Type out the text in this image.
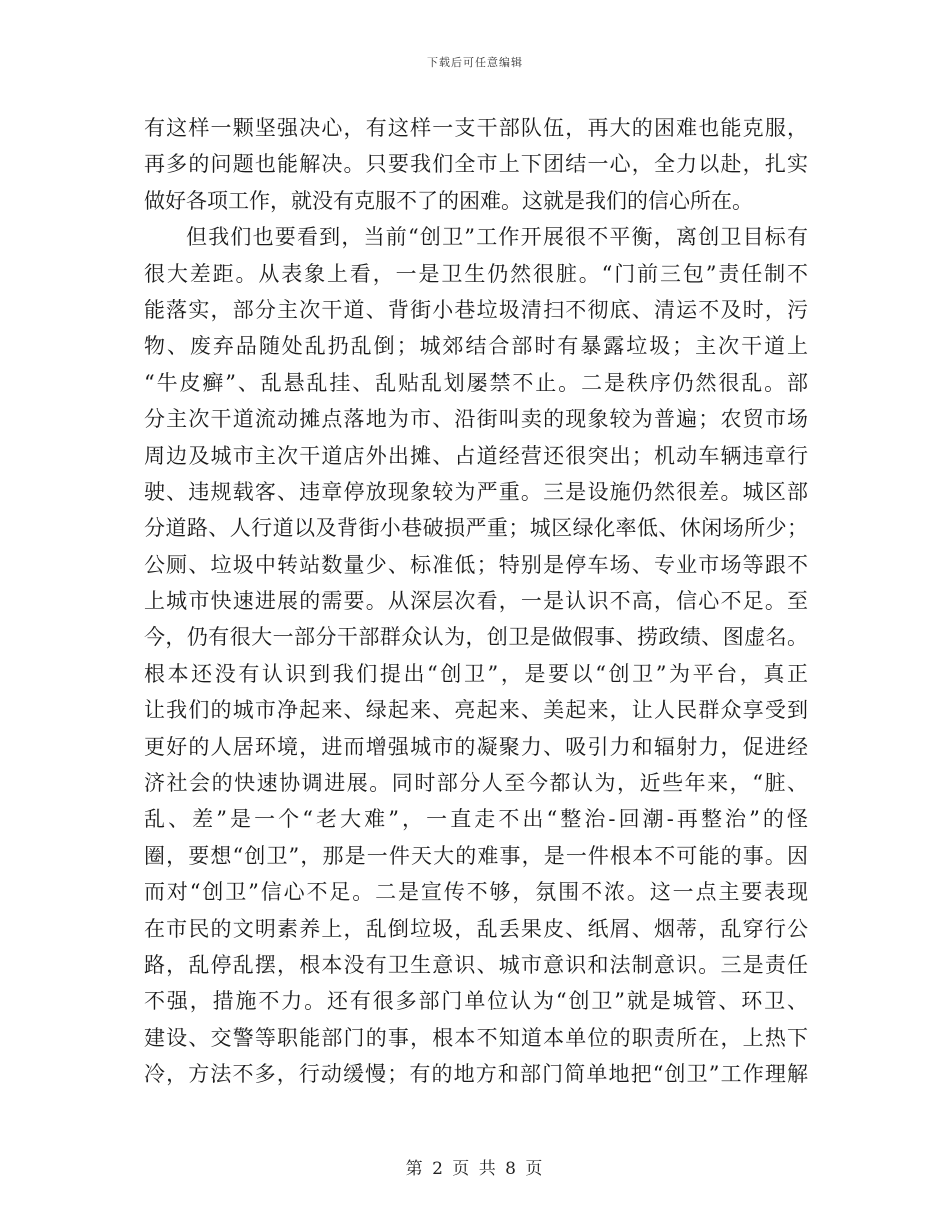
下载后可任意编辑
有这样一颗坚强决心，有这样一支干部队伍，再大的困难也能克服，
再多的问题也能解决。只要我们全市上下团结一心，全力以赴，扎实
做好各项工作，就没有克服不了的困难。这就是我们的信心所在。
但我们也要看到，当前“创卫”工作开展很不平衡，离创卫目标有
很大差距。从表象上看，一是卫生仍然很脏。“门前三包”责任制不
能落实，部分主次干道、背街小巷垃圾清扫不彻底、清运不及时，污
物、废弃品随处乱扔乱倒；城郊结合部时有暴露垃圾；主次干道上
“牛皮癣”、乱悬乱挂、乱贴乱划屡禁不止。二是秩序仍然很乱。部
分主次干道流动摊点落地为市、沿街叫卖的现象较为普遍；农贸市场
周边及城市主次干道店外出摊、占道经营还很突出；机动车辆违章行
驶、违规载客、违章停放现象较为严重。三是设施仍然很差。城区部
分道路、人行道以及背街小巷破损严重；城区绿化率低、休闲场所少；
公厕、垃圾中转站数量少、标准低；特别是停车场、专业市场等跟不
上城市快速进展的需要。从深层次看，一是认识不高，信心不足。至
今，仍有很大一部分干部群众认为，创卫是做假事、捞政绩、图虚名。
根本还没有认识到我们提出“创卫”，是要以“创卫”为平台，真正
让我们的城市净起来、绿起来、亮起来、美起来，让人民群众享受到
更好的人居环境，进而增强城市的凝聚力、吸引力和辐射力，促进经
济社会的快速协调进展。同时部分人至今都认为，近些年来，“脏、
乱、差”是一个“老大难”，一直走不出“整治-回潮-再整治”的怪
圈，要想“创卫”，那是一件天大的难事，是一件根本不可能的事。因
而对“创卫”信心不足。二是宣传不够，氛围不浓。这一点主要表现
在市民的文明素养上，乱倒垃圾，乱丢果皮、纸屑、烟蒂，乱穿行公
路，乱停乱摆，根本没有卫生意识、城市意识和法制意识。三是责任
不强，措施不力。还有很多部门单位认为“创卫”就是城管、环卫、
建设、交警等职能部门的事，根本不知道本单位的职责所在，上热下
冷，方法不多，行动缓慢；有的地方和部门简单地把“创卫”工作理解
第 2 页 共 8 页
